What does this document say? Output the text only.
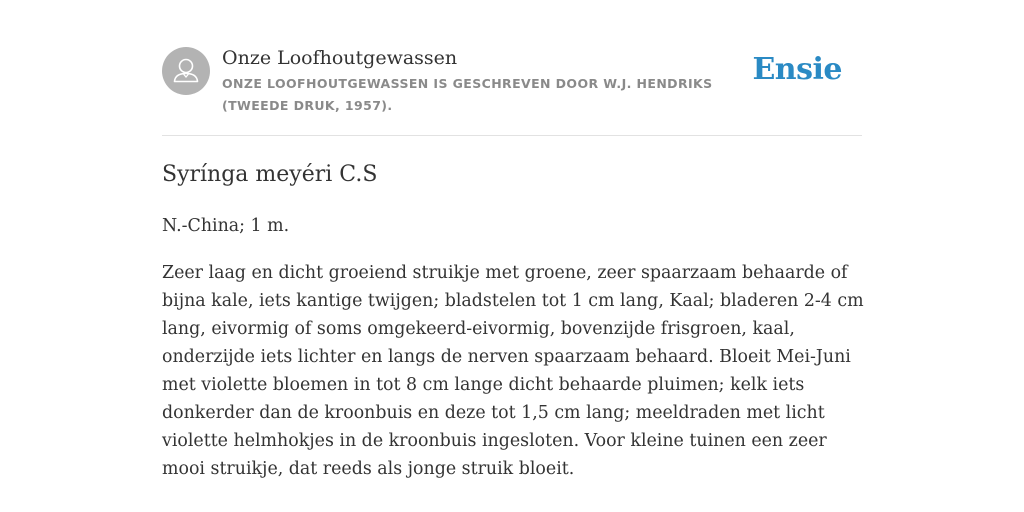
Onze Loofhoutgewassen
ONZE LOOFHOUTGEWASSEN IS GESCHREVEN DOOR W.J. HENDRIKS (TWEEDE DRUK, 1957).
Ensie
Syrínga meyéri C.S

N.-China; 1 m.

Zeer laag en dicht groeiend struikje met groene, zeer spaarzaam behaarde of bijna kale, iets kantige twijgen; bladstelen tot 1 cm lang, Kaal; bladeren 2-4 cm lang, eivormig of soms omgekeerd-eivormig, bovenzijde frisgroen, kaal, onderzijde iets lichter en langs de nerven spaarzaam behaard. Bloeit Mei-Juni met violette bloemen in tot 8 cm lange dicht behaarde pluimen; kelk iets donkerder dan de kroonbuis en deze tot 1,5 cm lang; meeldraden met licht violette helmhokjes in de kroonbuis ingesloten. Voor kleine tuinen een zeer mooi struikje, dat reeds als jonge struik bloeit.
